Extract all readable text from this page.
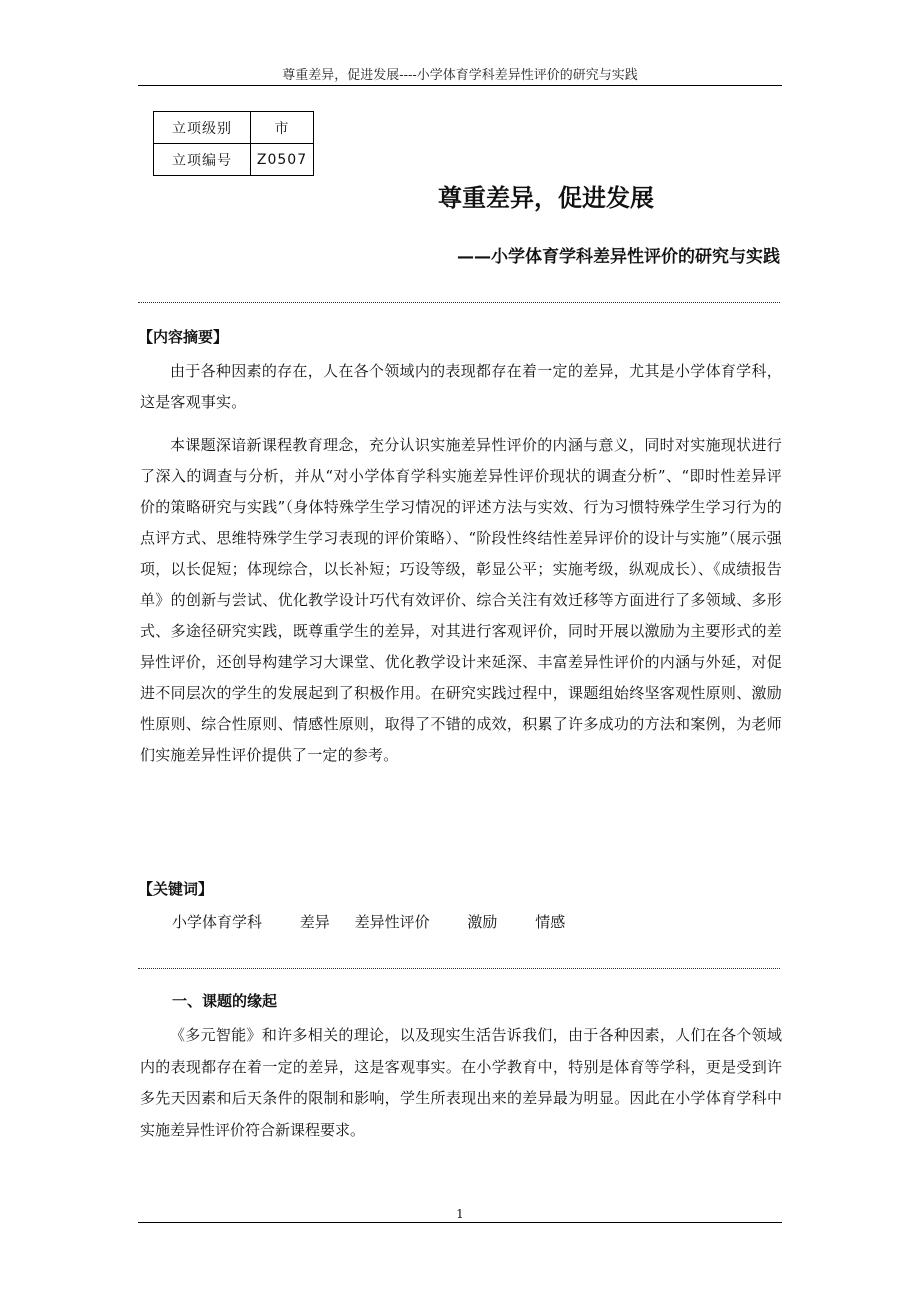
尊重差异，促进发展----小学体育学科差异性评价的研究与实践
立项级别	市
立项编号	Z0507
尊重差异，促进发展
——小学体育学科差异性评价的研究与实践
【内容摘要】
由于各种因素的存在，人在各个领域内的表现都存在着一定的差异，尤其是小学体育学科，这是客观事实。
本课题深谙新课程教育理念，充分认识实施差异性评价的内涵与意义，同时对实施现状进行了深入的调查与分析，并从“对小学体育学科实施差异性评价现状的调查分析”、“即时性差异评价的策略研究与实践”（身体特殊学生学习情况的评述方法与实效、行为习惯特殊学生学习行为的点评方式、思维特殊学生学习表现的评价策略）、“阶段性终结性差异评价的设计与实施”（展示强项，以长促短；体现综合，以长补短；巧设等级，彰显公平；实施考级，纵观成长）、《成绩报告单》的创新与尝试、优化教学设计巧代有效评价、综合关注有效迁移等方面进行了多领域、多形式、多途径研究实践，既尊重学生的差异，对其进行客观评价，同时开展以激励为主要形式的差异性评价，还创导构建学习大课堂、优化教学设计来延深、丰富差异性评价的内涵与外延，对促进不同层次的学生的发展起到了积极作用。在研究实践过程中，课题组始终坚客观性原则、激励性原则、综合性原则、情感性原则，取得了不错的成效，积累了许多成功的方法和案例，为老师们实施差异性评价提供了一定的参考。
【关键词】
小学体育学科	差异 差异性评价	激励	情感
一、课题的缘起
《多元智能》和许多相关的理论，以及现实生活告诉我们，由于各种因素，人们在各个领域内的表现都存在着一定的差异，这是客观事实。在小学教育中，特别是体育等学科，更是受到许多先天因素和后天条件的限制和影响，学生所表现出来的差异最为明显。因此在小学体育学科中实施差异性评价符合新课程要求。
1
